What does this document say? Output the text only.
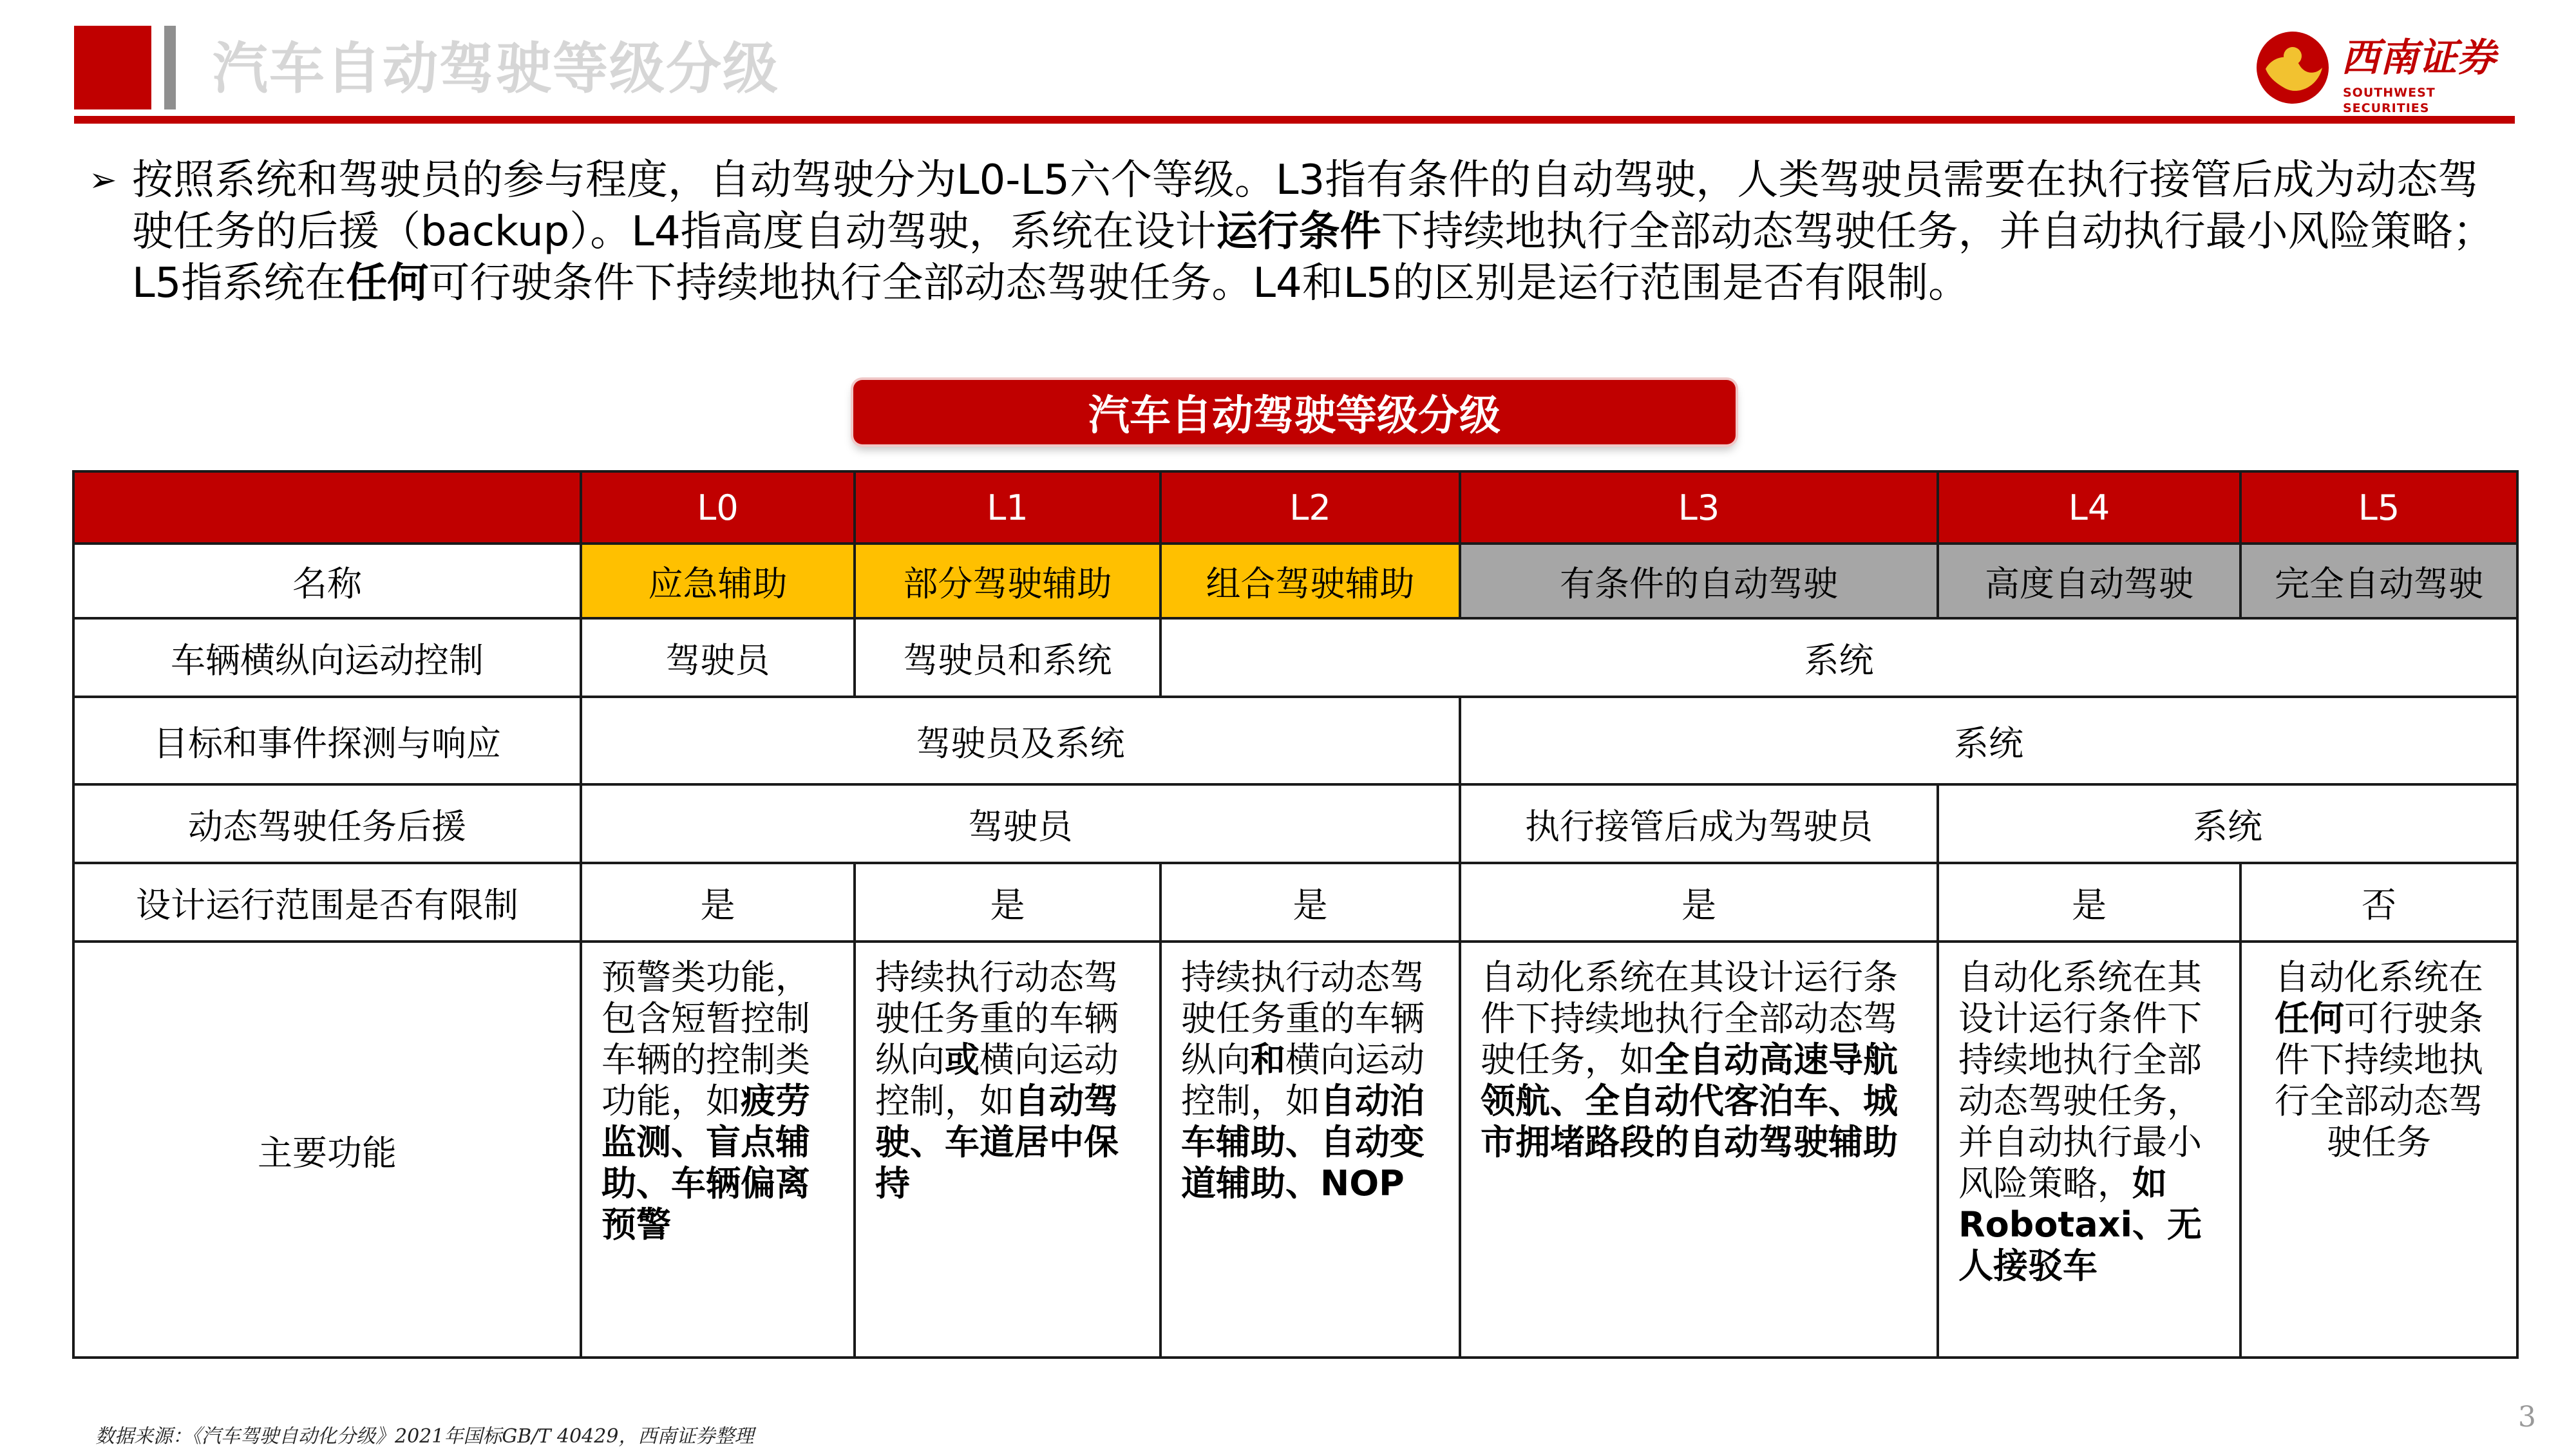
汽车自动驾驶等级分级	西南证券
SOUTHWEST SECURITIES
➢ 按照系统和驾驶员的参与程度，自动驾驶分为L0-L5六个等级。L3指有条件的自动驾驶，人类驾驶员需要在执行接管后成为动态驾驶任务的后援（backup）。L4指高度自动驾驶，系统在设计运行条件下持续地执行全部动态驾驶任务，并自动执行最小风险策略；L5指系统在任何可行驶条件下持续地执行全部动态驾驶任务。L4和L5的区别是运行范围是否有限制。

汽车自动驾驶等级分级
	L0	L1	L2	L3	L4	L5
名称	应急辅助	部分驾驶辅助	组合驾驶辅助	有条件的自动驾驶	高度自动驾驶	完全自动驾驶
车辆横纵向运动控制	驾驶员	驾驶员和系统	系统			
目标和事件探测与响应	驾驶员及系统			系统		
动态驾驶任务后援	驾驶员			执行接管后成为驾驶员	系统	
设计运行范围是否有限制	是	是	是	是	是	否
主要功能	预警类功能，包含短暂控制车辆的控制类功能，如疲劳监测、盲点辅助、车辆偏离预警	持续执行动态驾驶任务重的车辆纵向或横向运动控制，如自动驾驶、车道居中保持	持续执行动态驾驶任务重的车辆纵向和横向运动控制，如自动泊车辅助、自动变道辅助、NOP	自动化系统在其设计运行条件下持续地执行全部动态驾驶任务，如全自动高速导航领航、全自动代客泊车、城市拥堵路段的自动驾驶辅助	自动化系统在其设计运行条件下持续地执行全部动态驾驶任务，并自动执行最小风险策略，如Robotaxi、无人接驳车	自动化系统在任何可行驶条件下持续地执行全部动态驾驶任务
数据来源：《汽车驾驶自动化分级》2021年国标GB/T 40429，西南证券整理
3
